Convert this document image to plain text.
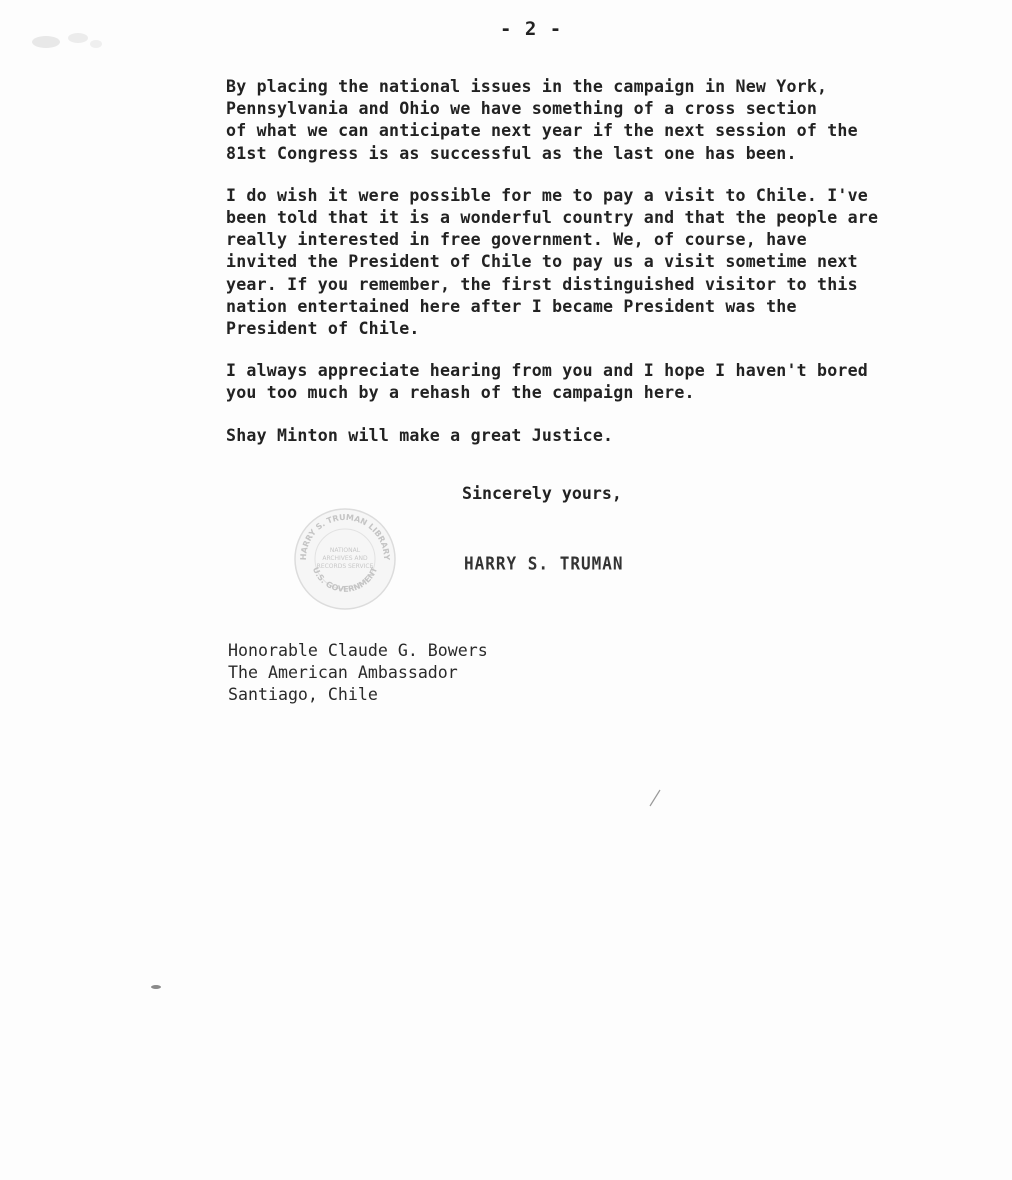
- 2 -
By placing the national issues in the campaign in New York,
Pennsylvania and Ohio we have something of a cross section
of what we can anticipate next year if the next session of the
81st Congress is as successful as the last one has been.
I do wish it were possible for me to pay a visit to Chile. I've
been told that it is a wonderful country and that the people are
really interested in free government. We, of course, have
invited the President of Chile to pay us a visit sometime next
year. If you remember, the first distinguished visitor to this
nation entertained here after I became President was the
President of Chile.
I always appreciate hearing from you and I hope I haven't bored
you too much by a rehash of the campaign here.
Shay Minton will make a great Justice.
Sincerely yours,
HARRY S. TRUMAN LIBRARY
U.S. GOVERNMENT
NATIONAL
ARCHIVES AND
RECORDS SERVICE	HARRY S. TRUMAN
Honorable Claude G. Bowers
The American Ambassador
Santiago, Chile
